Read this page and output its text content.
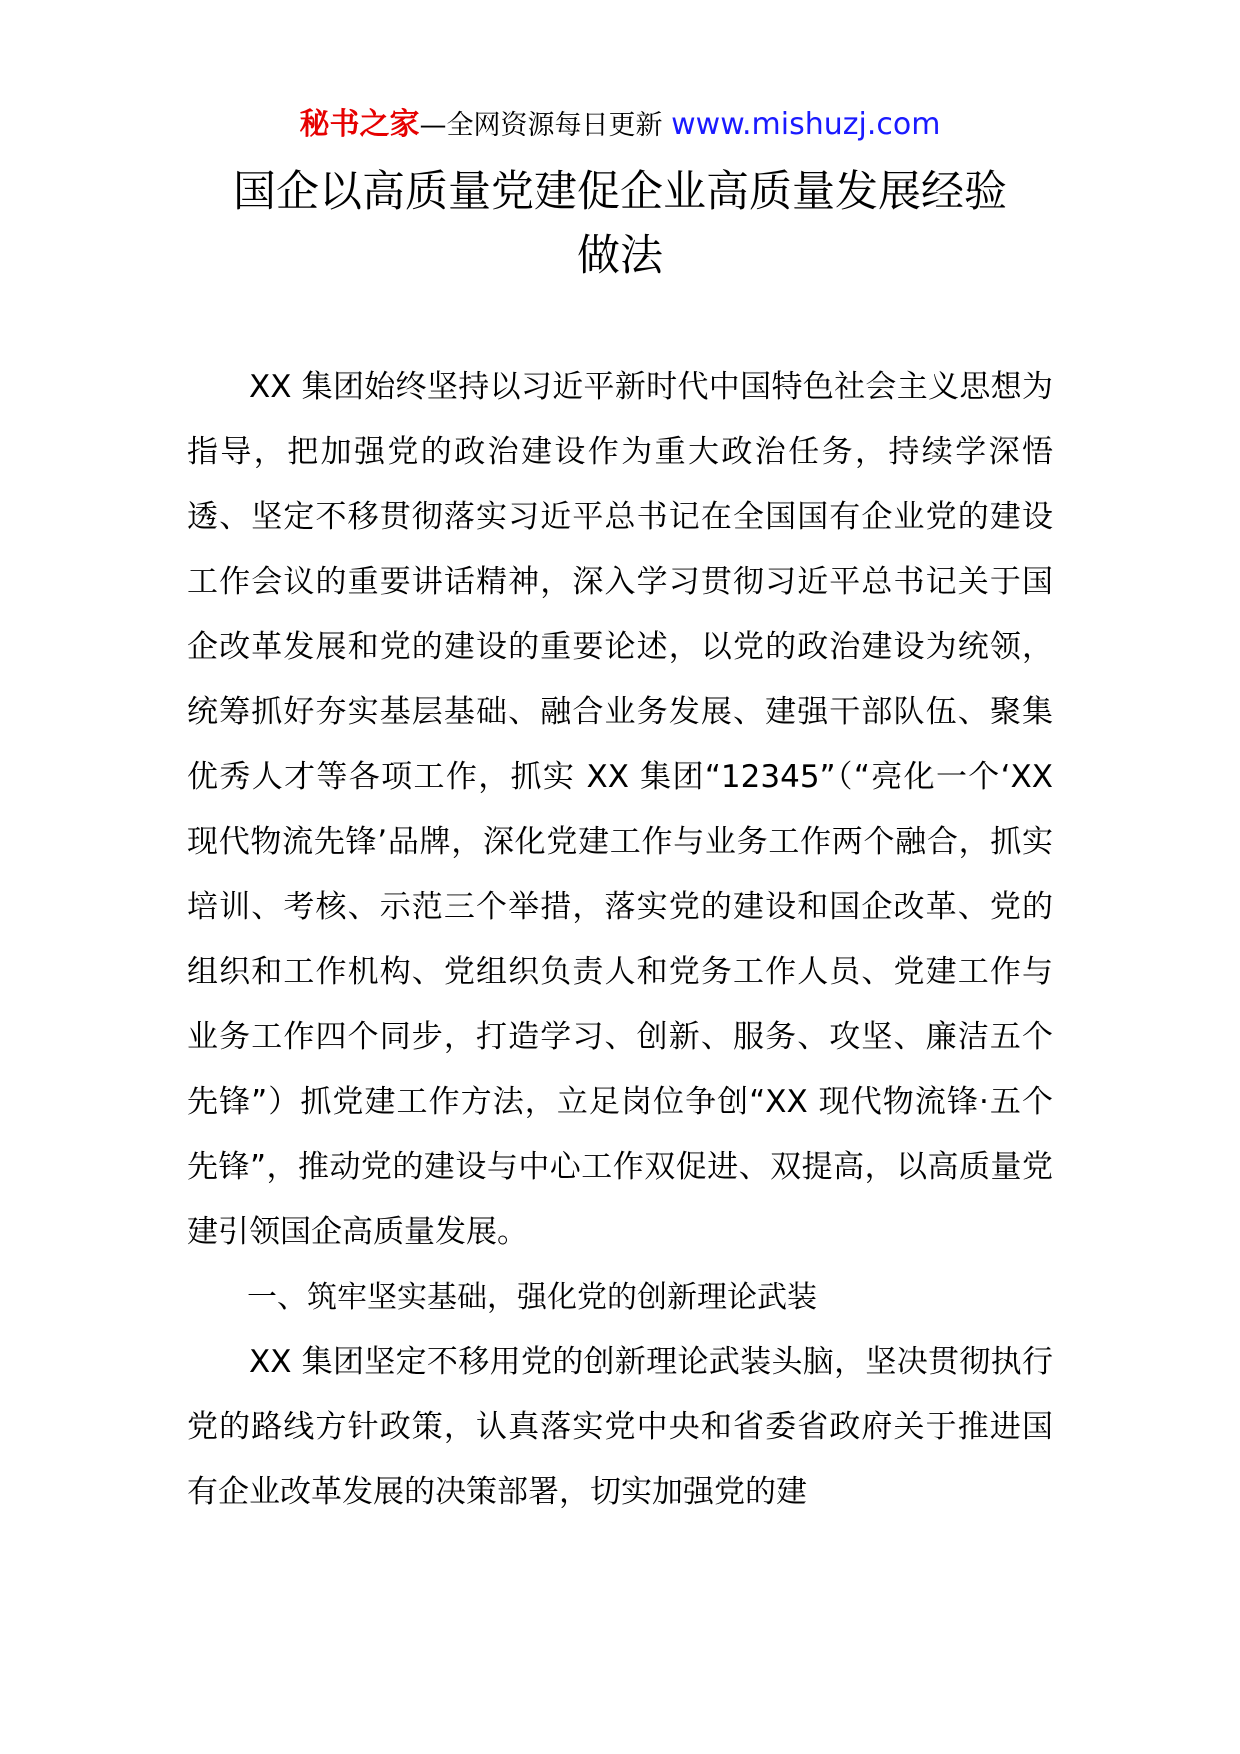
秘书之家—全网资源每日更新 www.mishuzj.com
国企以高质量党建促企业高质量发展经验
做法

XX 集团始终坚持以习近平新时代中国特色社会主义思想为指导，把加强党的政治建设作为重大政治任务，持续学深悟透、坚定不移贯彻落实习近平总书记在全国国有企业党的建设工作会议的重要讲话精神，深入学习贯彻习近平总书记关于国企改革发展和党的建设的重要论述，以党的政治建设为统领，统筹抓好夯实基层基础、融合业务发展、建强干部队伍、聚集优秀人才等各项工作，抓实 XX 集团“12345”（“亮化一个‘XX 现代物流先锋’品牌，深化党建工作与业务工作两个融合，抓实培训、考核、示范三个举措，落实党的建设和国企改革、党的组织和工作机构、党组织负责人和党务工作人员、党建工作与业务工作四个同步，打造学习、创新、服务、攻坚、廉洁五个先锋”）抓党建工作方法，立足岗位争创“XX 现代物流锋·五个先锋”，推动党的建设与中心工作双促进、双提高，以高质量党建引领国企高质量发展。

一、筑牢坚实基础，强化党的创新理论武装

XX 集团坚定不移用党的创新理论武装头脑，坚决贯彻执行党的路线方针政策，认真落实党中央和省委省政府关于推进国有企业改革发展的决策部署，切实加强党的建
